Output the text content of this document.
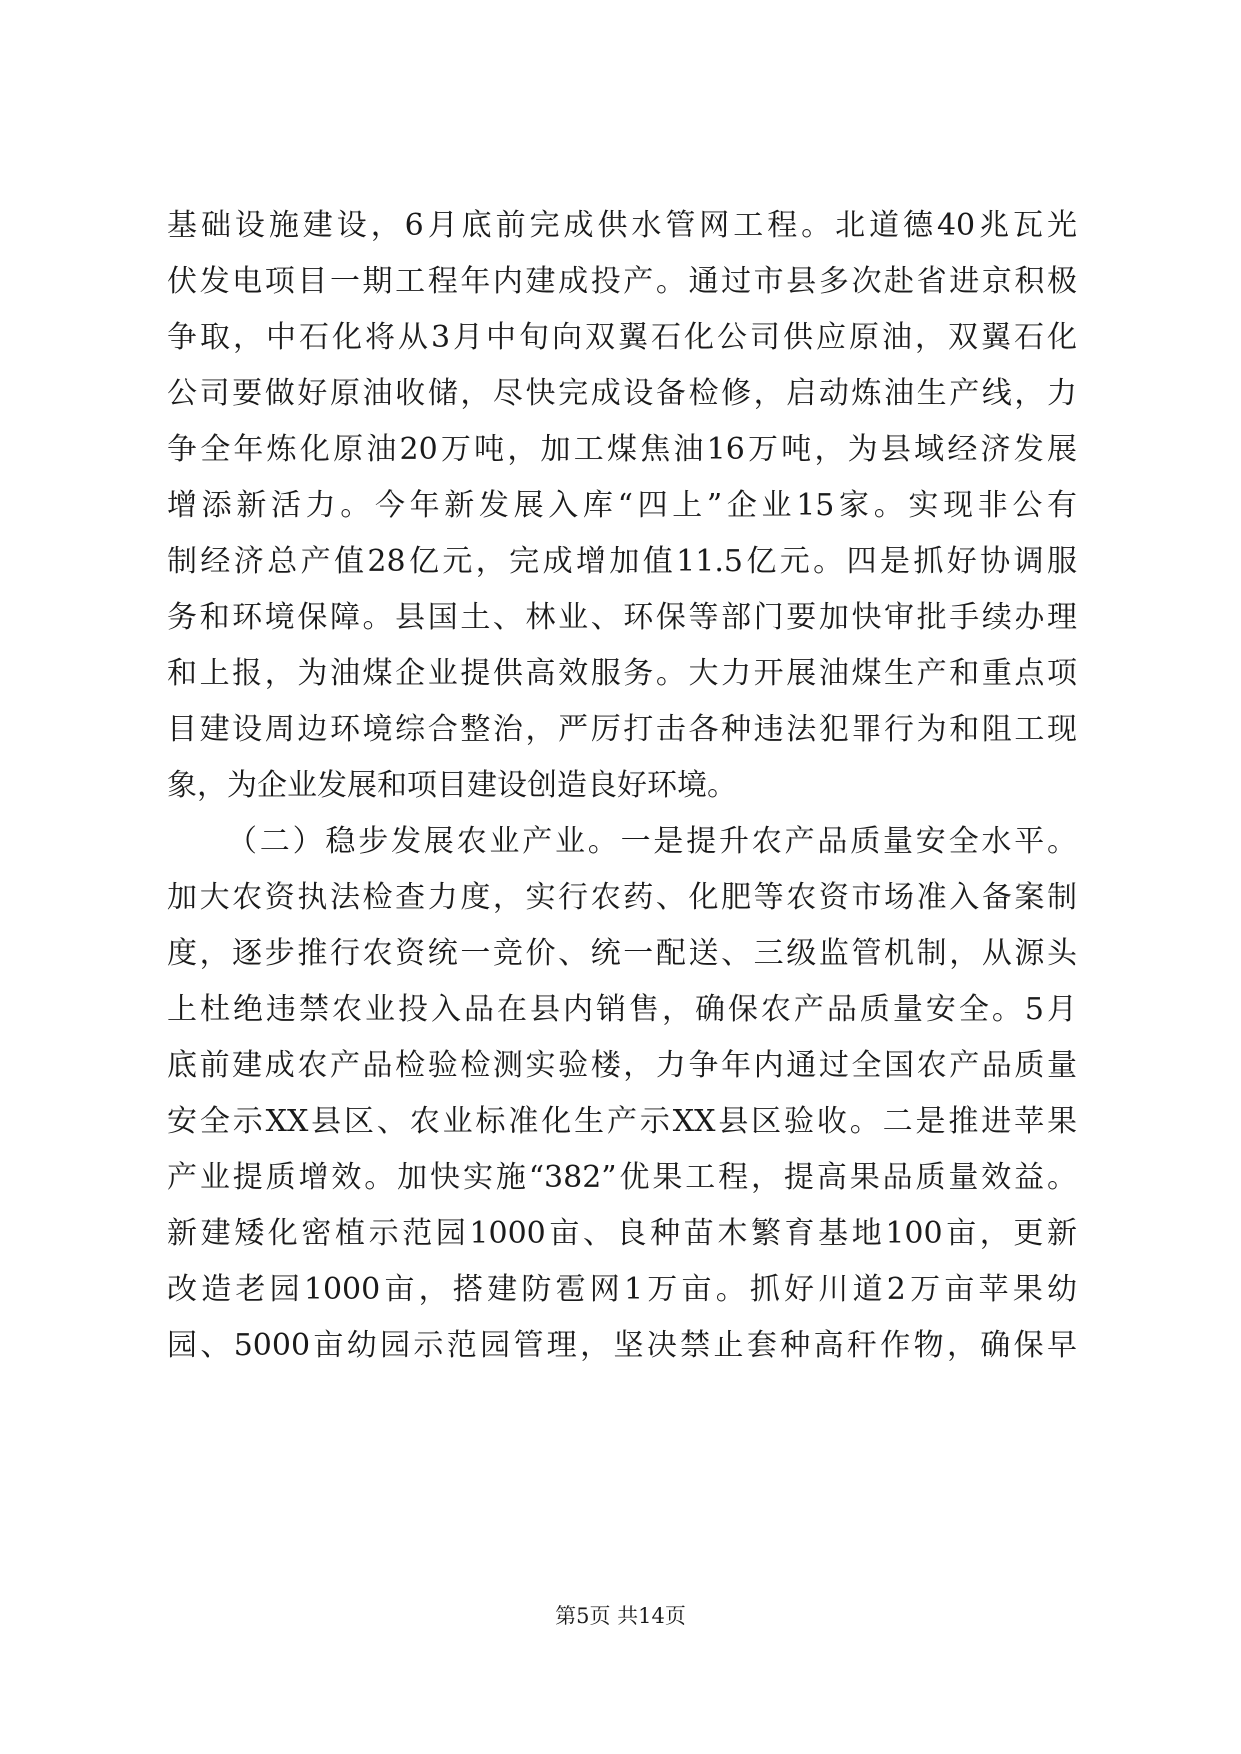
基础设施建设，6月底前完成供水管网工程。北道德40兆瓦光
伏发电项目一期工程年内建成投产。通过市县多次赴省进京积极
争取，中石化将从3月中旬向双翼石化公司供应原油，双翼石化
公司要做好原油收储，尽快完成设备检修，启动炼油生产线，力
争全年炼化原油20万吨，加工煤焦油16万吨，为县域经济发展
增添新活力。今年新发展入库“四上”企业15家。实现非公有
制经济总产值28亿元，完成增加值11.5亿元。四是抓好协调服
务和环境保障。县国土、林业、环保等部门要加快审批手续办理
和上报，为油煤企业提供高效服务。大力开展油煤生产和重点项
目建设周边环境综合整治，严厉打击各种违法犯罪行为和阻工现
象，为企业发展和项目建设创造良好环境。
（二）稳步发展农业产业。一是提升农产品质量安全水平。
加大农资执法检查力度，实行农药、化肥等农资市场准入备案制
度，逐步推行农资统一竞价、统一配送、三级监管机制，从源头
上杜绝违禁农业投入品在县内销售，确保农产品质量安全。5月
底前建成农产品检验检测实验楼，力争年内通过全国农产品质量
安全示XX县区、农业标准化生产示XX县区验收。二是推进苹果
产业提质增效。加快实施“382”优果工程，提高果品质量效益。
新建矮化密植示范园1000亩、良种苗木繁育基地100亩，更新
改造老园1000亩，搭建防雹网1万亩。抓好川道2万亩苹果幼
园、5000亩幼园示范园管理，坚决禁止套种高秆作物，确保早
第5页 共14页
